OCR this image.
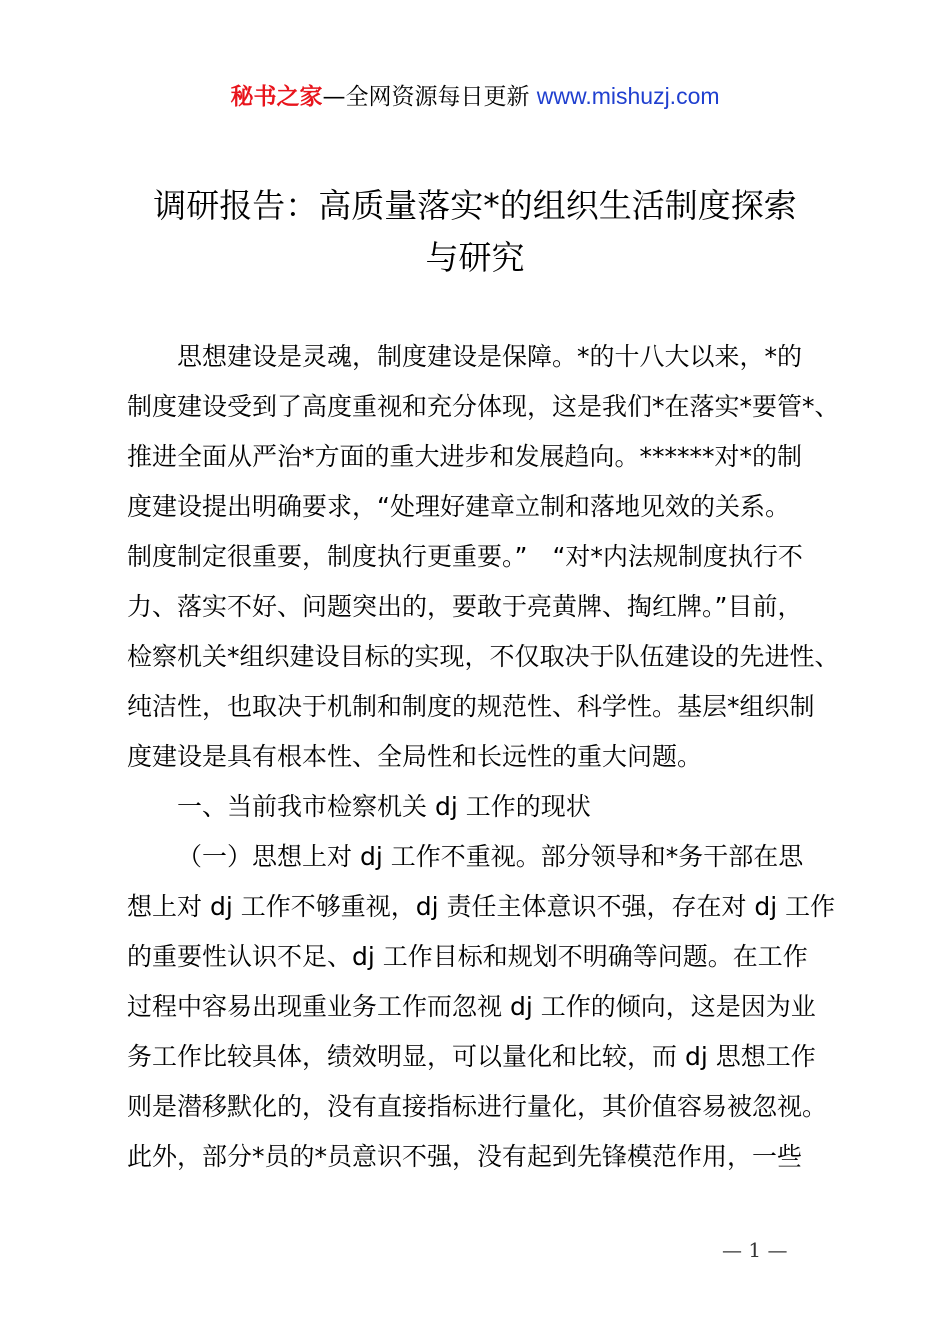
秘书之家—全网资源每日更新 www.mishuzj.com
调研报告：高质量落实*的组织生活制度探索
与研究
思想建设是灵魂，制度建设是保障。*的十八大以来，*的
制度建设受到了高度重视和充分体现，这是我们*在落实*要管*、
推进全面从严治*方面的重大进步和发展趋向。******对*的制
度建设提出明确要求，“处理好建章立制和落地见效的关系。
制度制定很重要，制度执行更重要。”　“对*内法规制度执行不
力、落实不好、问题突出的，要敢于亮黄牌、掏红牌。”目前，
检察机关*组织建设目标的实现，不仅取决于队伍建设的先进性、
纯洁性，也取决于机制和制度的规范性、科学性。基层*组织制
度建设是具有根本性、全局性和长远性的重大问题。
一、当前我市检察机关 dj 工作的现状
（一）思想上对 dj 工作不重视。部分领导和*务干部在思
想上对 dj 工作不够重视，dj 责任主体意识不强，存在对 dj 工作
的重要性认识不足、dj 工作目标和规划不明确等问题。在工作
过程中容易出现重业务工作而忽视 dj 工作的倾向，这是因为业
务工作比较具体，绩效明显，可以量化和比较，而 dj 思想工作
则是潜移默化的，没有直接指标进行量化，其价值容易被忽视。
此外，部分*员的*员意识不强，没有起到先锋模范作用，一些
— 1 —
